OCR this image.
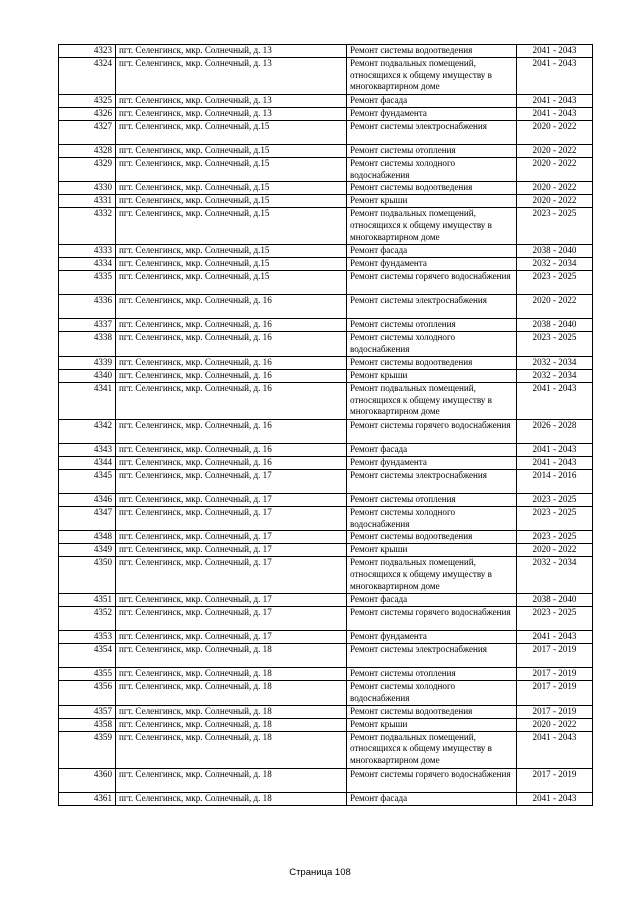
4323	пгт. Селенгинск, мкр. Солнечный, д. 13	Ремонт системы водоотведения	2041 - 2043
4324	пгт. Селенгинск, мкр. Солнечный, д. 13	Ремонт подвальных помещений, относящихся к общему имуществу в многоквартирном доме	2041 - 2043
4325	пгт. Селенгинск, мкр. Солнечный, д. 13	Ремонт фасада	2041 - 2043
4326	пгт. Селенгинск, мкр. Солнечный, д. 13	Ремонт фундамента	2041 - 2043
4327	пгт. Селенгинск, мкр. Солнечный, д.15	Ремонт системы электроснабжения	2020 - 2022
4328	пгт. Селенгинск, мкр. Солнечный, д.15	Ремонт системы отопления	2020 - 2022
4329	пгт. Селенгинск, мкр. Солнечный, д.15	Ремонт системы холодного водоснабжения	2020 - 2022
4330	пгт. Селенгинск, мкр. Солнечный, д.15	Ремонт системы водоотведения	2020 - 2022
4331	пгт. Селенгинск, мкр. Солнечный, д.15	Ремонт крыши	2020 - 2022
4332	пгт. Селенгинск, мкр. Солнечный, д.15	Ремонт подвальных помещений, относящихся к общему имуществу в многоквартирном доме	2023 - 2025
4333	пгт. Селенгинск, мкр. Солнечный, д.15	Ремонт фасада	2038 - 2040
4334	пгт. Селенгинск, мкр. Солнечный, д.15	Ремонт фундамента	2032 - 2034
4335	пгт. Селенгинск, мкр. Солнечный, д.15	Ремонт системы горячего водоснабжения	2023 - 2025
4336	пгт. Селенгинск, мкр. Солнечный, д. 16	Ремонт системы электроснабжения	2020 - 2022
4337	пгт. Селенгинск, мкр. Солнечный, д. 16	Ремонт системы отопления	2038 - 2040
4338	пгт. Селенгинск, мкр. Солнечный, д. 16	Ремонт системы холодного водоснабжения	2023 - 2025
4339	пгт. Селенгинск, мкр. Солнечный, д. 16	Ремонт системы водоотведения	2032 - 2034
4340	пгт. Селенгинск, мкр. Солнечный, д. 16	Ремонт крыши	2032 - 2034
4341	пгт. Селенгинск, мкр. Солнечный, д. 16	Ремонт подвальных помещений, относящихся к общему имуществу в многоквартирном доме	2041 - 2043
4342	пгт. Селенгинск, мкр. Солнечный, д. 16	Ремонт системы горячего водоснабжения	2026 - 2028
4343	пгт. Селенгинск, мкр. Солнечный, д. 16	Ремонт фасада	2041 - 2043
4344	пгт. Селенгинск, мкр. Солнечный, д. 16	Ремонт фундамента	2041 - 2043
4345	пгт. Селенгинск, мкр. Солнечный, д. 17	Ремонт системы электроснабжения	2014 - 2016
4346	пгт. Селенгинск, мкр. Солнечный, д. 17	Ремонт системы отопления	2023 - 2025
4347	пгт. Селенгинск, мкр. Солнечный, д. 17	Ремонт системы холодного водоснабжения	2023 - 2025
4348	пгт. Селенгинск, мкр. Солнечный, д. 17	Ремонт системы водоотведения	2023 - 2025
4349	пгт. Селенгинск, мкр. Солнечный, д. 17	Ремонт крыши	2020 - 2022
4350	пгт. Селенгинск, мкр. Солнечный, д. 17	Ремонт подвальных помещений, относящихся к общему имуществу в многоквартирном доме	2032 - 2034
4351	пгт. Селенгинск, мкр. Солнечный, д. 17	Ремонт фасада	2038 - 2040
4352	пгт. Селенгинск, мкр. Солнечный, д. 17	Ремонт системы горячего водоснабжения	2023 - 2025
4353	пгт. Селенгинск, мкр. Солнечный, д. 17	Ремонт фундамента	2041 - 2043
4354	пгт. Селенгинск, мкр. Солнечный, д. 18	Ремонт системы электроснабжения	2017 - 2019
4355	пгт. Селенгинск, мкр. Солнечный, д. 18	Ремонт системы отопления	2017 - 2019
4356	пгт. Селенгинск, мкр. Солнечный, д. 18	Ремонт системы холодного водоснабжения	2017 - 2019
4357	пгт. Селенгинск, мкр. Солнечный, д. 18	Ремонт системы водоотведения	2017 - 2019
4358	пгт. Селенгинск, мкр. Солнечный, д. 18	Ремонт крыши	2020 - 2022
4359	пгт. Селенгинск, мкр. Солнечный, д. 18	Ремонт подвальных помещений, относящихся к общему имуществу в многоквартирном доме	2041 - 2043
4360	пгт. Селенгинск, мкр. Солнечный, д. 18	Ремонт системы горячего водоснабжения	2017 - 2019
4361	пгт. Селенгинск, мкр. Солнечный, д. 18	Ремонт фасада	2041 - 2043
Страница 108
